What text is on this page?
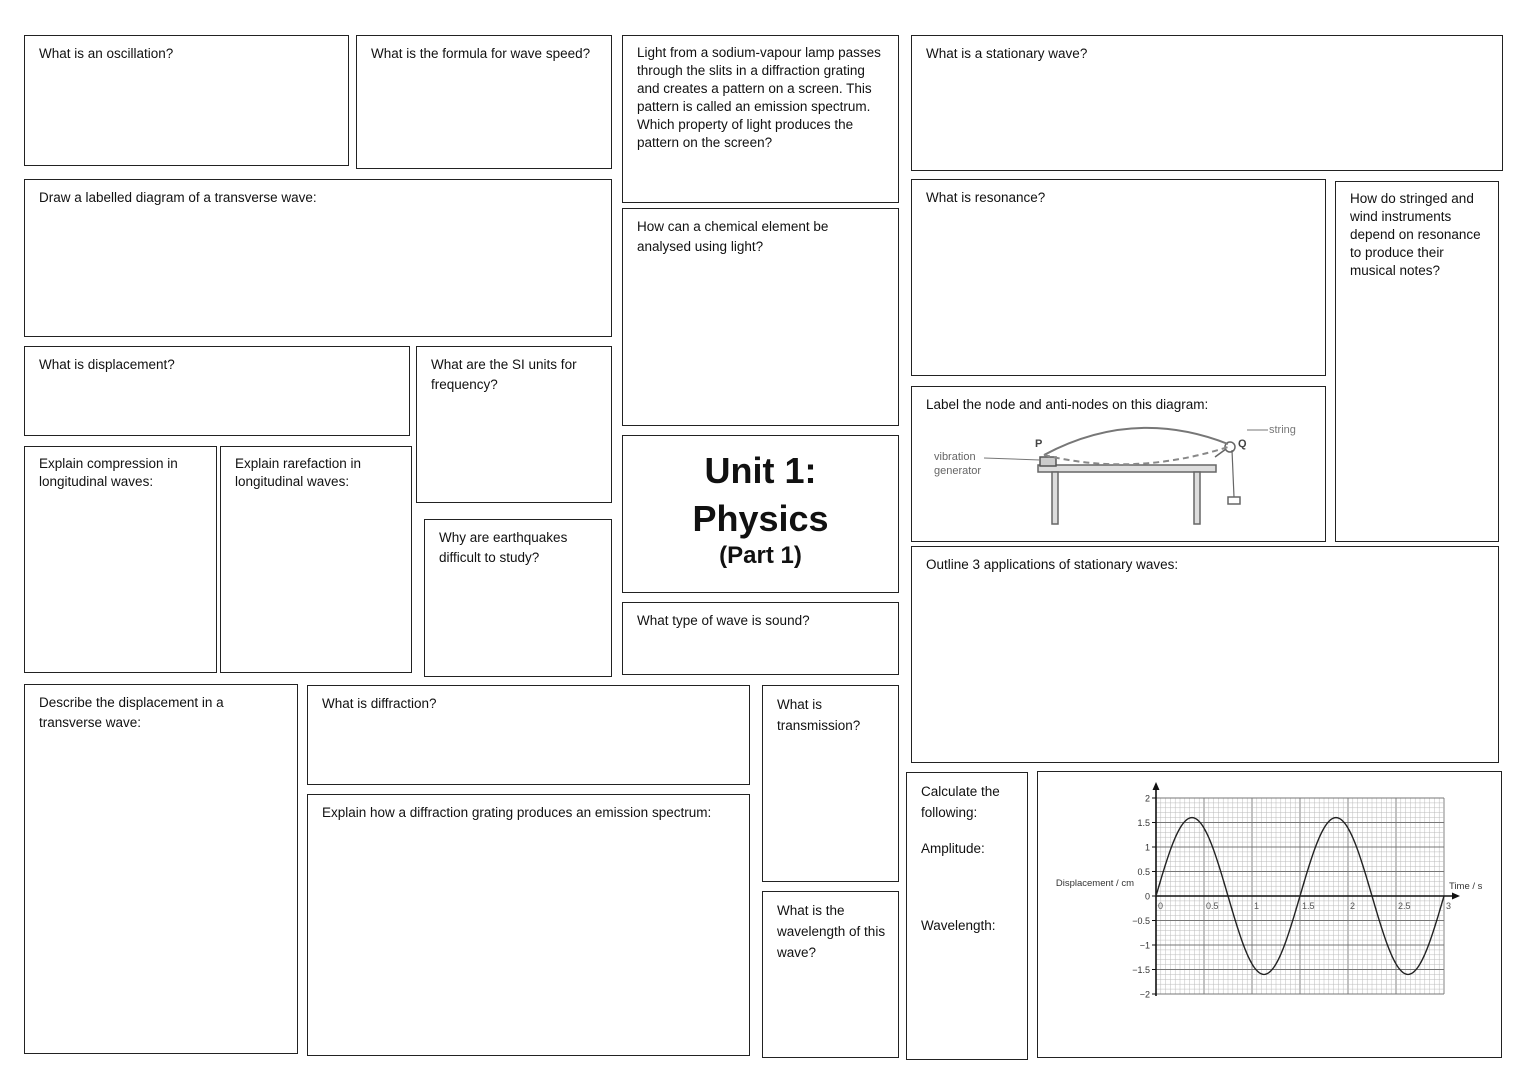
What is an oscillation?	What is the formula for wave speed?	Light from a sodium-vapour lamp passes through the slits in a diffraction grating and creates a pattern on a screen. This pattern is called an emission spectrum. Which property of light produces the pattern on the screen?

What is a stationary wave?

Draw a labelled diagram of a transverse wave:

How can a chemical element be analysed using light?

What is resonance?	How do stringed and wind instruments depend on resonance to produce their musical notes?

What is displacement?	What are the SI units for frequency?

Label the node and anti-nodes on this diagram:

P	Q
string
vibration
generator

Unit 1:

Physics

(Part 1)

Explain compression in longitudinal waves:

Explain rarefaction in longitudinal waves:

Why are earthquakes difficult to study?

What type of wave is sound?

Outline 3 applications of stationary waves:

Describe the displacement in a transverse wave:

What is diffraction?

Explain how a diffraction grating produces an emission spectrum:

What is transmission?

What is the wavelength of this wave?

Calculate the following:

Amplitude:

Wavelength:

2
1.5
1
0.5
0
−0.5
−1
−1.5
−2
0	0.5	1	1.5	2	2.5	3
Displacement / cm	Time / s
